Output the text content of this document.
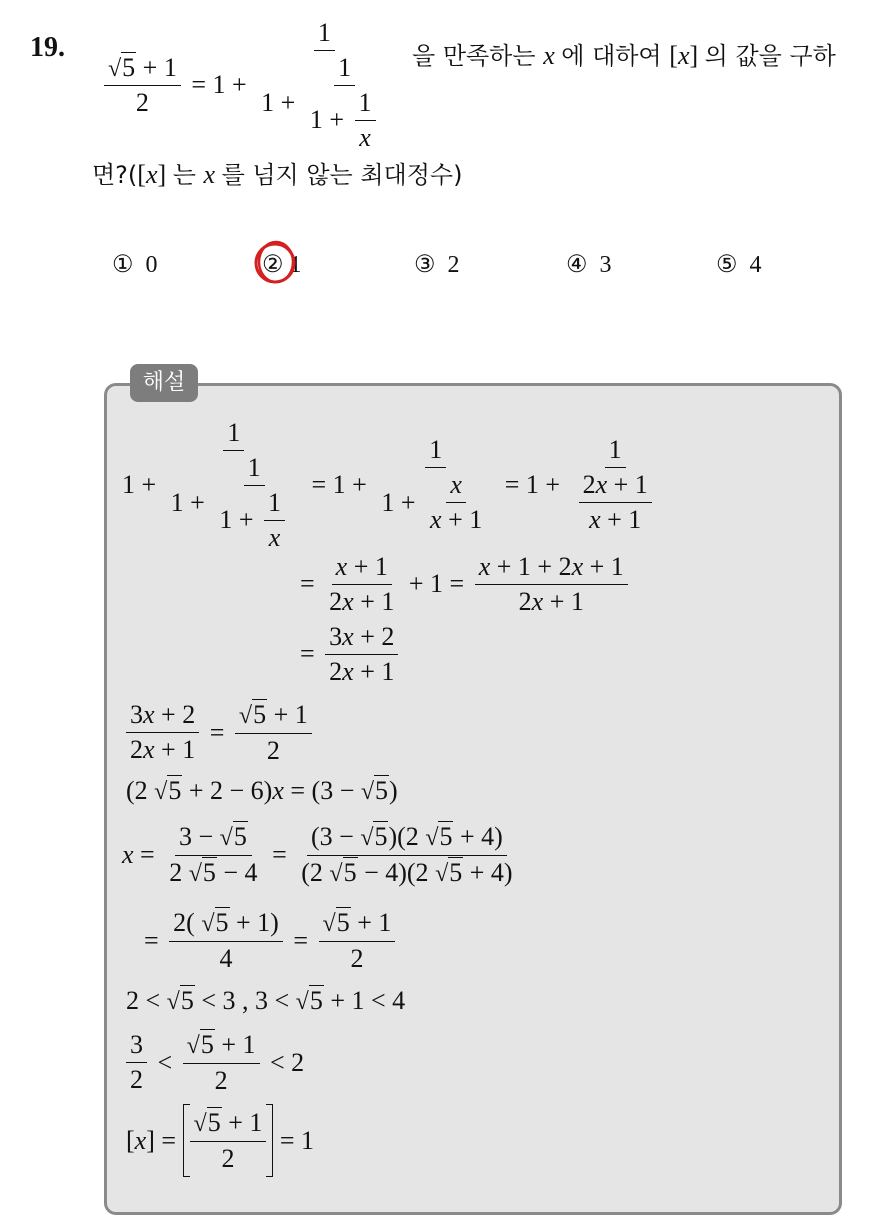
19.
$\frac{√5 + 1}{2} = 1 + \frac{1}{1 + \frac{1}{1 + \frac{1}{x}}}$ 을 만족하는 x 에 대하여 [x] 의 값을 구하
면?([x] 는 x 를 넘지 않는 최대정수)
① 0	② 1	③ 2	④ 3	⑤ 4
해설
$1 + \frac{1}{1 + \frac{1}{1 + \frac{1}{x}}} = 1 + \frac{1}{1 + \frac{x}{x + 1}} = 1 + \frac{1}{\frac{2x + 1}{x + 1}}$
= $\frac{x + 1}{2x + 1} + 1 = \frac{x + 1 + 2x + 1}{2x + 1}$
= $\frac{3x + 2}{2x + 1}$
$\frac{3x + 2}{2x + 1} = \frac{√5 + 1}{2}$
(2 √5 + 2 − 6)x = (3 − √5)
$x = \frac{3 - √5}{2 √5 - 4} = \frac{(3 - √5)(2 √5 + 4)}{(2 √5 - 4)(2 √5 + 4)}$
= $\frac{2( √5 + 1)}{4} = \frac{√5 + 1}{2}$
2 < √5 < 3 , 3 < √5 + 1 < 4
$\frac{3}{2} < \frac{√5 + 1}{2} < 2$
$[x] = \frac{√5 + 1}{2} = 1$
